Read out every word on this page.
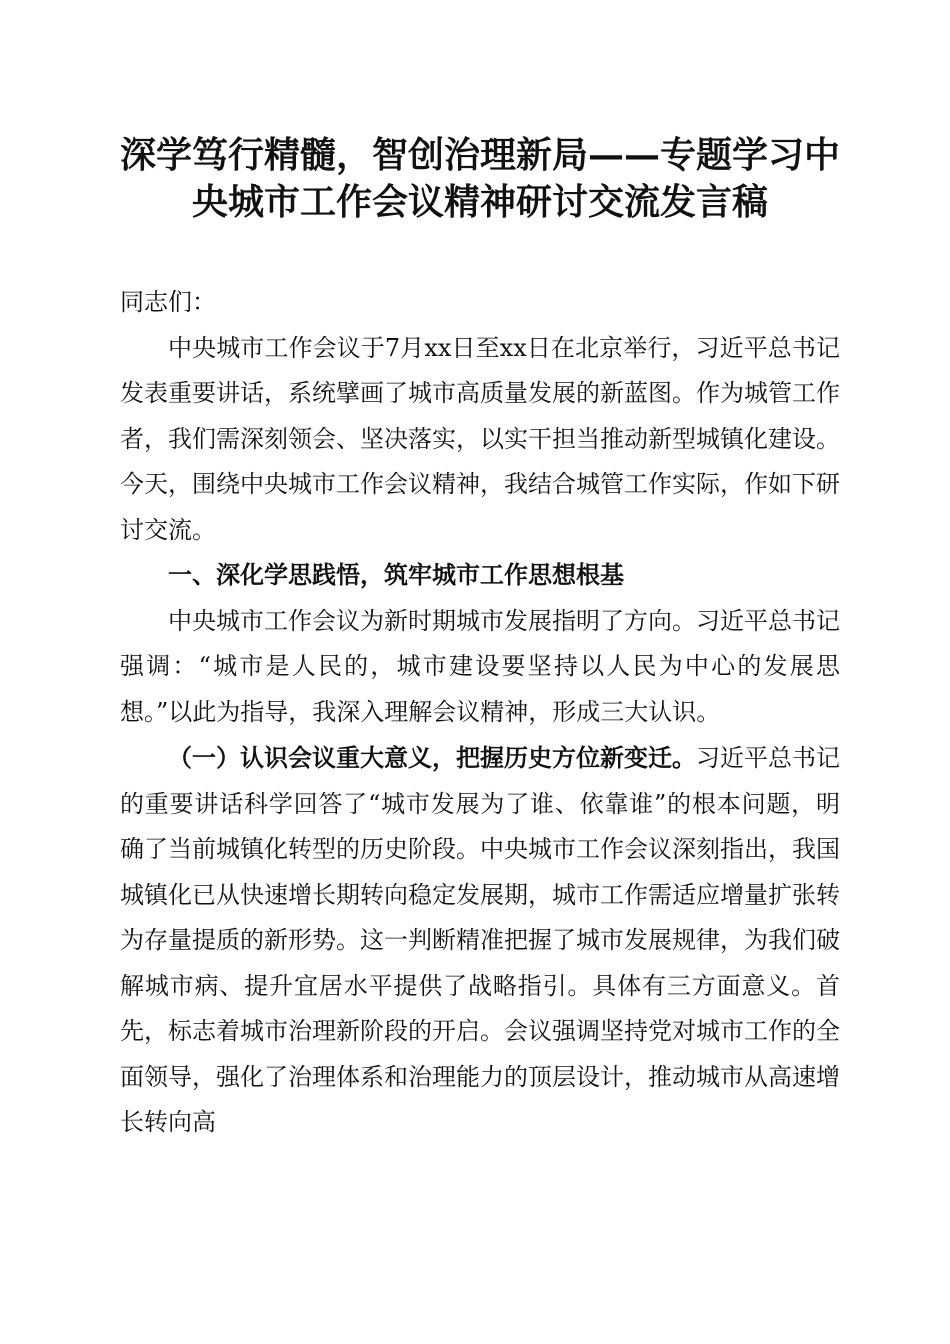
深学笃行精髓，智创治理新局——专题学习中
央城市工作会议精神研讨交流发言稿

同志们：

中央城市工作会议于7月xx日至xx日在北京举行，习近平总书记发表重要讲话，系统擘画了城市高质量发展的新蓝图。作为城管工作者，我们需深刻领会、坚决落实，以实干担当推动新型城镇化建设。今天，围绕中央城市工作会议精神，我结合城管工作实际，作如下研讨交流。

一、深化学思践悟，筑牢城市工作思想根基

中央城市工作会议为新时期城市发展指明了方向。习近平总书记强调：“城市是人民的，城市建设要坚持以人民为中心的发展思想。”以此为指导，我深入理解会议精神，形成三大认识。

（一）认识会议重大意义，把握历史方位新变迁。习近平总书记的重要讲话科学回答了“城市发展为了谁、依靠谁”的根本问题，明确了当前城镇化转型的历史阶段。中央城市工作会议深刻指出，我国城镇化已从快速增长期转向稳定发展期，城市工作需适应增量扩张转为存量提质的新形势。这一判断精准把握了城市发展规律，为我们破解城市病、提升宜居水平提供了战略指引。具体有三方面意义。首先，标志着城市治理新阶段的开启。会议强调坚持党对城市工作的全面领导，强化了治理体系和治理能力的顶层设计，推动城市从高速增长转向高
